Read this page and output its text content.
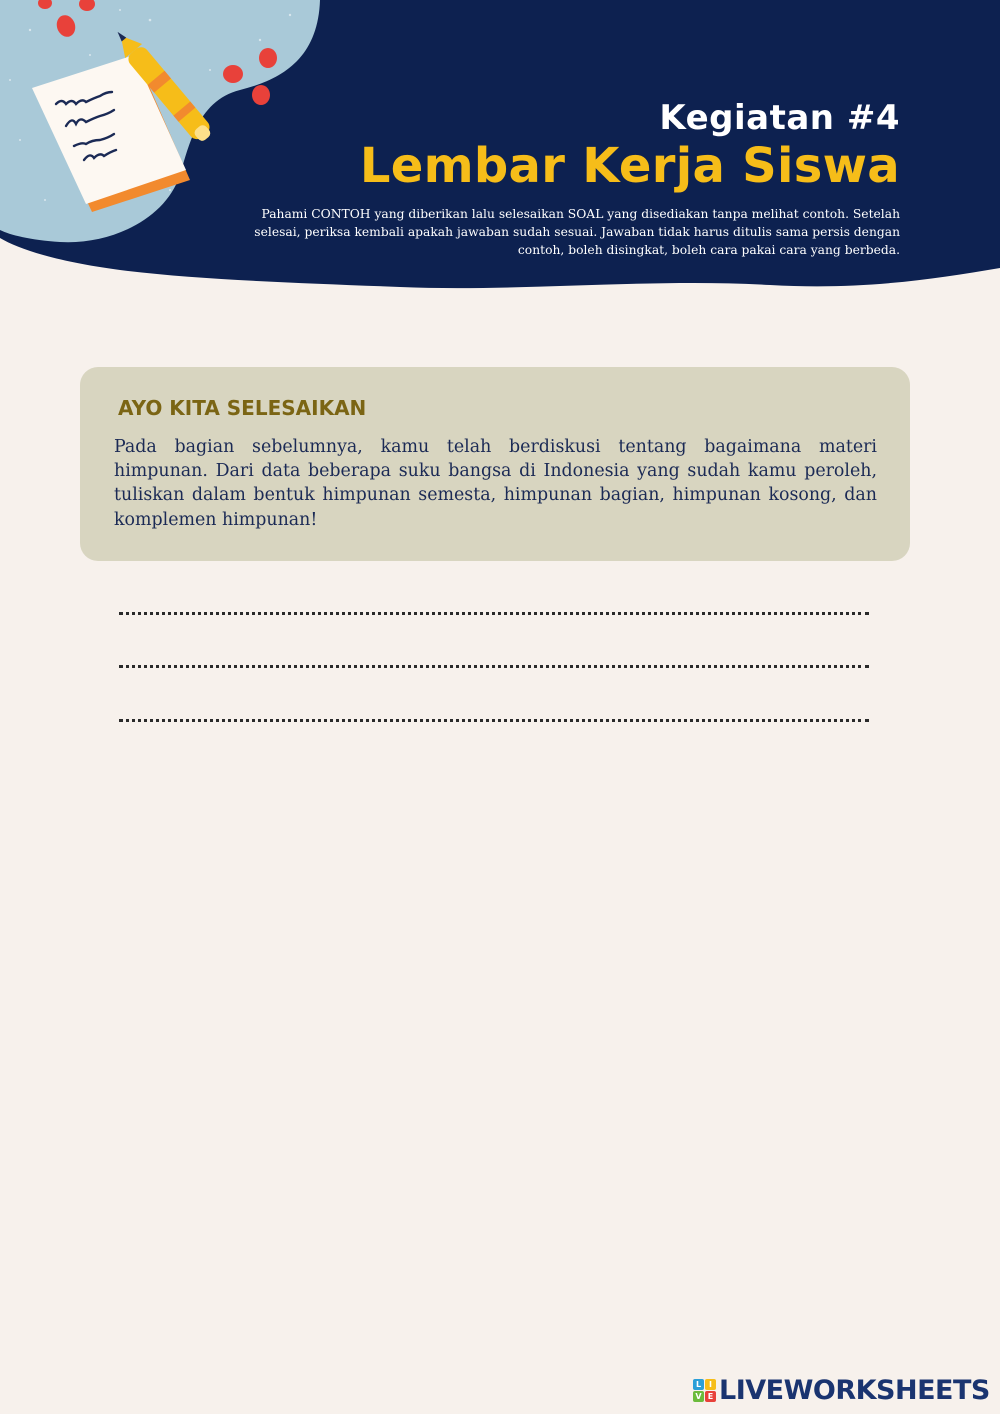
Kegiatan #4
Lembar Kerja Siswa

Pahami CONTOH yang diberikan lalu selesaikan SOAL yang disediakan tanpa melihat contoh. Setelah selesai, periksa kembali apakah jawaban sudah sesuai. Jawaban tidak harus ditulis sama persis dengan contoh, boleh disingkat, boleh cara pakai cara yang berbeda.

AYO KITA SELESAIKAN

Pada bagian sebelumnya, kamu telah berdiskusi tentang bagaimana materi himpunan. Dari data beberapa suku bangsa di Indonesia yang sudah kamu peroleh, tuliskan dalam bentuk himpunan semesta, himpunan bagian, himpunan kosong, dan komplemen himpunan!

L I
V E LIVEWORKSHEETS
